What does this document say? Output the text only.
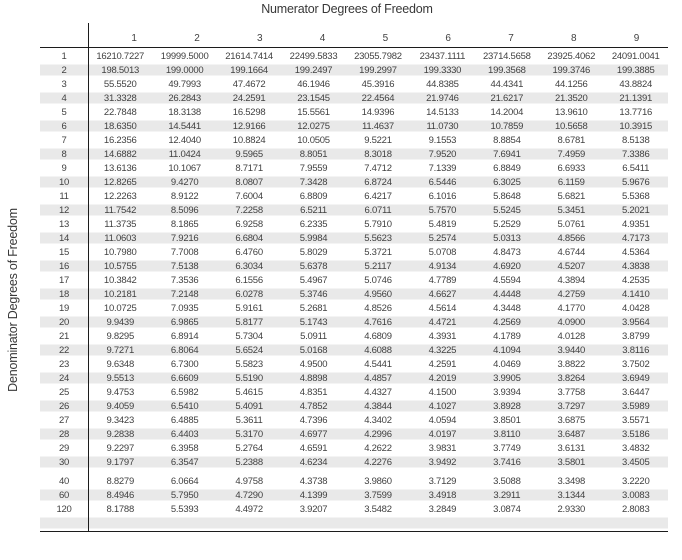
Numerator Degrees of Freedom
Denominator Degrees of Freedom
1	2	3	4	5	6	7	8	9
1	16210.7227	19999.5000	21614.7414	22499.5833	23055.7982	23437.1111	23714.5658	23925.4062	24091.0041
2	198.5013	199.0000	199.1664	199.2497	199.2997	199.3330	199.3568	199.3746	199.3885
3	55.5520	49.7993	47.4672	46.1946	45.3916	44.8385	44.4341	44.1256	43.8824
4	31.3328	26.2843	24.2591	23.1545	22.4564	21.9746	21.6217	21.3520	21.1391
5	22.7848	18.3138	16.5298	15.5561	14.9396	14.5133	14.2004	13.9610	13.7716
6	18.6350	14.5441	12.9166	12.0275	11.4637	11.0730	10.7859	10.5658	10.3915
7	16.2356	12.4040	10.8824	10.0505	9.5221	9.1553	8.8854	8.6781	8.5138
8	14.6882	11.0424	9.5965	8.8051	8.3018	7.9520	7.6941	7.4959	7.3386
9	13.6136	10.1067	8.7171	7.9559	7.4712	7.1339	6.8849	6.6933	6.5411
10	12.8265	9.4270	8.0807	7.3428	6.8724	6.5446	6.3025	6.1159	5.9676
11	12.2263	8.9122	7.6004	6.8809	6.4217	6.1016	5.8648	5.6821	5.5368
12	11.7542	8.5096	7.2258	6.5211	6.0711	5.7570	5.5245	5.3451	5.2021
13	11.3735	8.1865	6.9258	6.2335	5.7910	5.4819	5.2529	5.0761	4.9351
14	11.0603	7.9216	6.6804	5.9984	5.5623	5.2574	5.0313	4.8566	4.7173
15	10.7980	7.7008	6.4760	5.8029	5.3721	5.0708	4.8473	4.6744	4.5364
16	10.5755	7.5138	6.3034	5.6378	5.2117	4.9134	4.6920	4.5207	4.3838
17	10.3842	7.3536	6.1556	5.4967	5.0746	4.7789	4.5594	4.3894	4.2535
18	10.2181	7.2148	6.0278	5.3746	4.9560	4.6627	4.4448	4.2759	4.1410
19	10.0725	7.0935	5.9161	5.2681	4.8526	4.5614	4.3448	4.1770	4.0428
20	9.9439	6.9865	5.8177	5.1743	4.7616	4.4721	4.2569	4.0900	3.9564
21	9.8295	6.8914	5.7304	5.0911	4.6809	4.3931	4.1789	4.0128	3.8799
22	9.7271	6.8064	5.6524	5.0168	4.6088	4.3225	4.1094	3.9440	3.8116
23	9.6348	6.7300	5.5823	4.9500	4.5441	4.2591	4.0469	3.8822	3.7502
24	9.5513	6.6609	5.5190	4.8898	4.4857	4.2019	3.9905	3.8264	3.6949
25	9.4753	6.5982	5.4615	4.8351	4.4327	4.1500	3.9394	3.7758	3.6447
26	9.4059	6.5410	5.4091	4.7852	4.3844	4.1027	3.8928	3.7297	3.5989
27	9.3423	6.4885	5.3611	4.7396	4.3402	4.0594	3.8501	3.6875	3.5571
28	9.2838	6.4403	5.3170	4.6977	4.2996	4.0197	3.8110	3.6487	3.5186
29	9.2297	6.3958	5.2764	4.6591	4.2622	3.9831	3.7749	3.6131	3.4832
30	9.1797	6.3547	5.2388	4.6234	4.2276	3.9492	3.7416	3.5801	3.4505
40	8.8279	6.0664	4.9758	4.3738	3.9860	3.7129	3.5088	3.3498	3.2220
60	8.4946	5.7950	4.7290	4.1399	3.7599	3.4918	3.2911	3.1344	3.0083
120	8.1788	5.5393	4.4972	3.9207	3.5482	3.2849	3.0874	2.9330	2.8083
